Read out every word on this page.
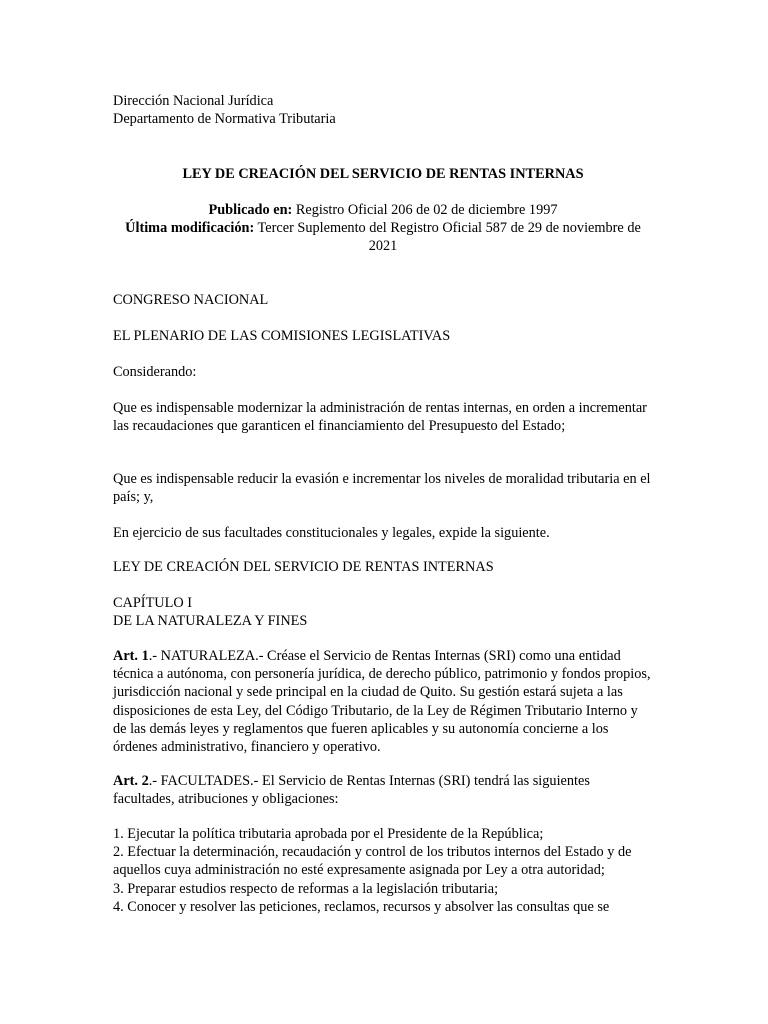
Dirección Nacional Jurídica
Departamento de Normativa Tributaria

LEY DE CREACIÓN DEL SERVICIO DE RENTAS INTERNAS

Publicado en: Registro Oficial 206 de 02 de diciembre 1997
Última modificación: Tercer Suplemento del Registro Oficial 587 de 29 de noviembre de 2021

CONGRESO NACIONAL

EL PLENARIO DE LAS COMISIONES LEGISLATIVAS

Considerando:

Que es indispensable modernizar la administración de rentas internas, en orden a incrementar las recaudaciones que garanticen el financiamiento del Presupuesto del Estado;

Que es indispensable reducir la evasión e incrementar los niveles de moralidad tributaria en el país; y,

En ejercicio de sus facultades constitucionales y legales, expide la siguiente.

LEY DE CREACIÓN DEL SERVICIO DE RENTAS INTERNAS

CAPÍTULO I
DE LA NATURALEZA Y FINES

Art. 1.- NATURALEZA.- Créase el Servicio de Rentas Internas (SRI) como una entidad técnica a autónoma, con personería jurídica, de derecho público, patrimonio y fondos propios, jurisdicción nacional y sede principal en la ciudad de Quito. Su gestión estará sujeta a las disposiciones de esta Ley, del Código Tributario, de la Ley de Régimen Tributario Interno y de las demás leyes y reglamentos que fueren aplicables y su autonomía concierne a los órdenes administrativo, financiero y operativo.

Art. 2.- FACULTADES.- El Servicio de Rentas Internas (SRI) tendrá las siguientes facultades, atribuciones y obligaciones:

1. Ejecutar la política tributaria aprobada por el Presidente de la República;

2. Efectuar la determinación, recaudación y control de los tributos internos del Estado y de aquellos cuya administración no esté expresamente asignada por Ley a otra autoridad;

3. Preparar estudios respecto de reformas a la legislación tributaria;

4. Conocer y resolver las peticiones, reclamos, recursos y absolver las consultas que se
